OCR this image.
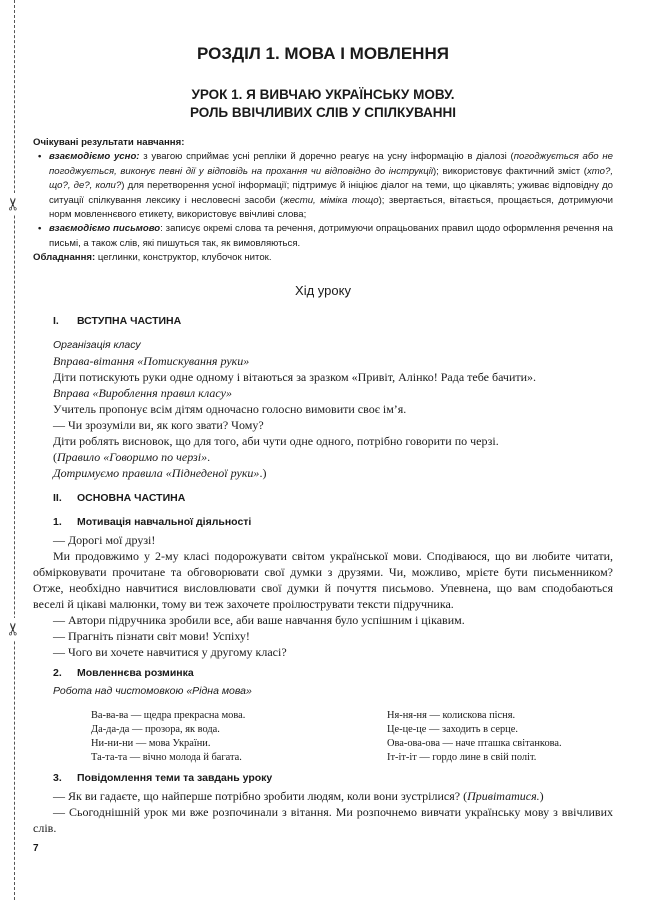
✂
✂
РОЗДІЛ 1. МОВА І МОВЛЕННЯ
УРОК 1. Я ВИВЧАЮ УКРАЇНСЬКУ МОВУ.
РОЛЬ ВВІЧЛИВИХ СЛІВ У СПІЛКУВАННІ
Очікувані результати навчання:
• взаємодіємо усно: з увагою сприймає усні репліки й доречно реагує на усну інформацію в діалозі (погоджується або не погоджується, виконує певні дії у відповідь на прохання чи відповідно до інструкції); використовує фактичний зміст (хто?, що?, де?, коли?) для перетворення усної інформації; підтримує й ініціює діалог на теми, що цікавлять; уживає відповідну до ситуації спілкування лексику і несловесні засоби (жести, міміка тощо); звертається, вітається, прощається, дотримуючи норм мовленнєвого етикету, використовує ввічливі слова;
• взаємодіємо письмово: записує окремі слова та речення, дотримуючи опрацьованих правил щодо оформлення речення на письмі, а також слів, які пишуться так, як вимовляються.
Обладнання: цеглинки, конструктор, клубочок ниток.
Хід уроку
I. ВСТУПНА ЧАСТИНА
Організація класу
Вправа-вітання «Потискування руки»

Діти потискують руки одне одному і вітаються за зразком «Привіт, Алінко! Рада тебе бачити».

Вправа «Вироблення правил класу»

Учитель пропонує всім дітям одночасно голосно вимовити своє ім’я.

— Чи зрозуміли ви, як кого звати? Чому?

Діти роблять висновок, що для того, аби чути одне одного, потрібно говорити по черзі.

(Правило «Говоримо по черзі».

Дотримуємо правила «Піднеденої руки».)

II. ОСНОВНА ЧАСТИНА
1. Мотивація навчальної діяльності

— Дорогі мої друзі!

Ми продовжимо у 2-му класі подорожувати світом української мови. Сподіваюся, що ви любите читати, обмірковувати прочитане та обговорювати свої думки з друзями. Чи, можливо, мрієте бути письменником? Отже, необхідно навчитися висловлювати свої думки й почуття письмово. Упевнена, що вам сподобаються веселі й цікаві малюнки, тому ви теж захочете проілюструвати тексти підручника.

— Автори підручника зробили все, аби ваше навчання було успішним і цікавим.

— Прагніть пізнати світ мови! Успіху!

— Чого ви хочете навчитися у другому класі?

2. Мовленнєва розминка
Робота над чистомовкою «Рідна мова»
Ва-ва-ва — щедра прекрасна мова.
Да-да-да — прозора, як вода.
Ни-ни-ни — мова України.
Та-та-та — вічно молода й багата.
Ня-ня-ня — колискова пісня.
Це-це-це — заходить в серце.
Ова-ова-ова — наче пташка світанкова.
Іт-іт-іт — гордо лине в свій політ.
3. Повідомлення теми та завдань уроку

— Як ви гадаєте, що найперше потрібно зробити людям, коли вони зустрілися? (Привітатися.)

— Сьогоднішній урок ми вже розпочинали з вітання. Ми розпочнемо вивчати українську мову з ввічливих слів.

7
